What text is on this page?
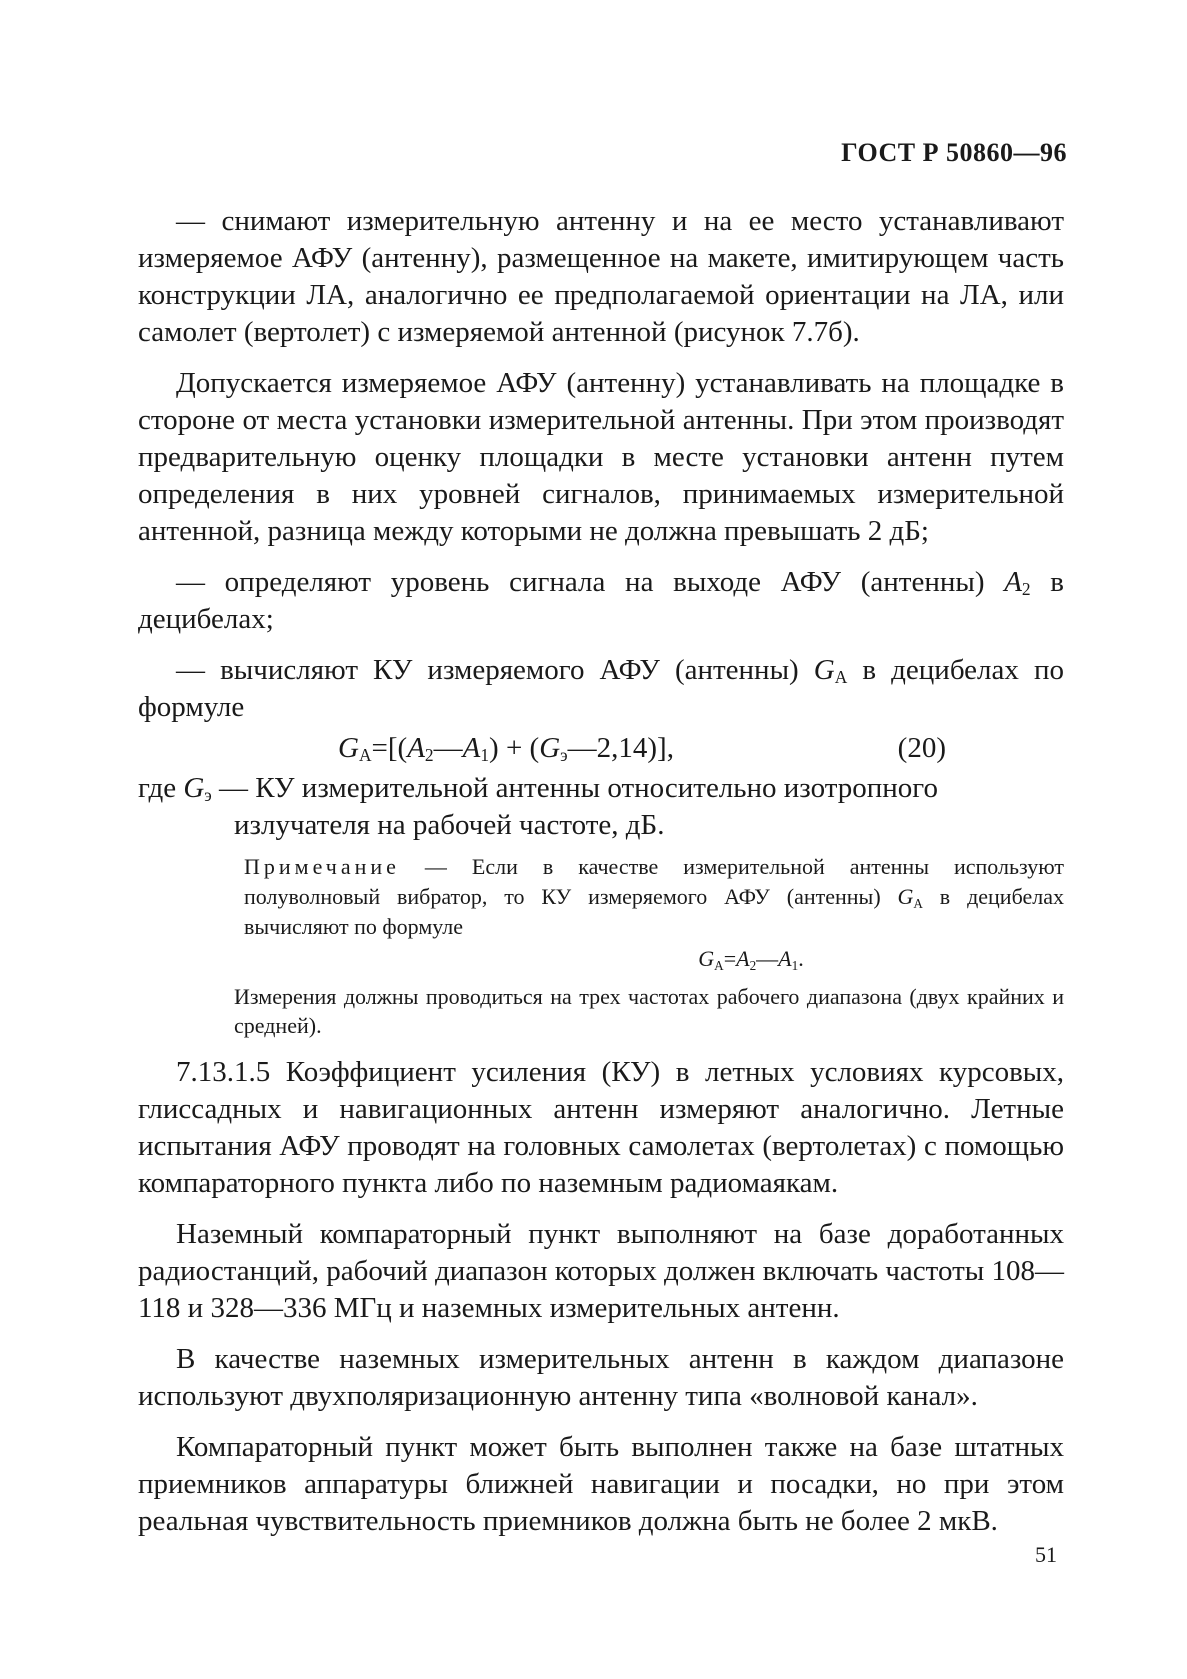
ГОСТ Р 50860—96

— снимают измерительную антенну и на ее место устанавливают измеряемое АФУ (антенну), размещенное на макете, имитирующем часть конструкции ЛА, аналогично ее предполагаемой ориентации на ЛА, или самолет (вертолет) с измеряемой антенной (рисунок 7.7б).

Допускается измеряемое АФУ (антенну) устанавливать на площадке в стороне от места установки измерительной антенны. При этом производят предварительную оценку площадки в месте установки антенн путем определения в них уровней сигналов, принимаемых измерительной антенной, разница между которыми не должна превышать 2 дБ;

— определяют уровень сигнала на выходе АФУ (антенны) $A_2$ в децибелах;

— вычисляют КУ измеряемого АФУ (антенны) $G_A$ в децибелах по формуле

$G_A=[(A_2—A_1)$ + $(G_э—2,14)$],	(20)

где $G_э$ — КУ измерительной антенны относительно изотропного излучателя на рабочей частоте, дБ.

Примечание — Если в качестве измерительной антенны используют полуволновый вибратор, то КУ измеряемого АФУ (антенны) $G_A$ в децибелах вычисляют по формуле

$G_A=A_2—A_1$.

Измерения должны проводиться на трех частотах рабочего диапазона (двух крайних и средней).

7.13.1.5 Коэффициент усиления (КУ) в летных условиях курсовых, глиссадных и навигационных антенн измеряют аналогично. Летные испытания АФУ проводят на головных самолетах (вертолетах) с помощью компараторного пункта либо по наземным радиомаякам.

Наземный компараторный пункт выполняют на базе доработанных радиостанций, рабочий диапазон которых должен включать частоты 108—118 и 328—336 МГц и наземных измерительных антенн.

В качестве наземных измерительных антенн в каждом диапазоне используют двухполяризационную антенну типа «волновой канал».

Компараторный пункт может быть выполнен также на базе штатных приемников аппаратуры ближней навигации и посадки, но при этом реальная чувствительность приемников должна быть не более 2 мкВ.

51
